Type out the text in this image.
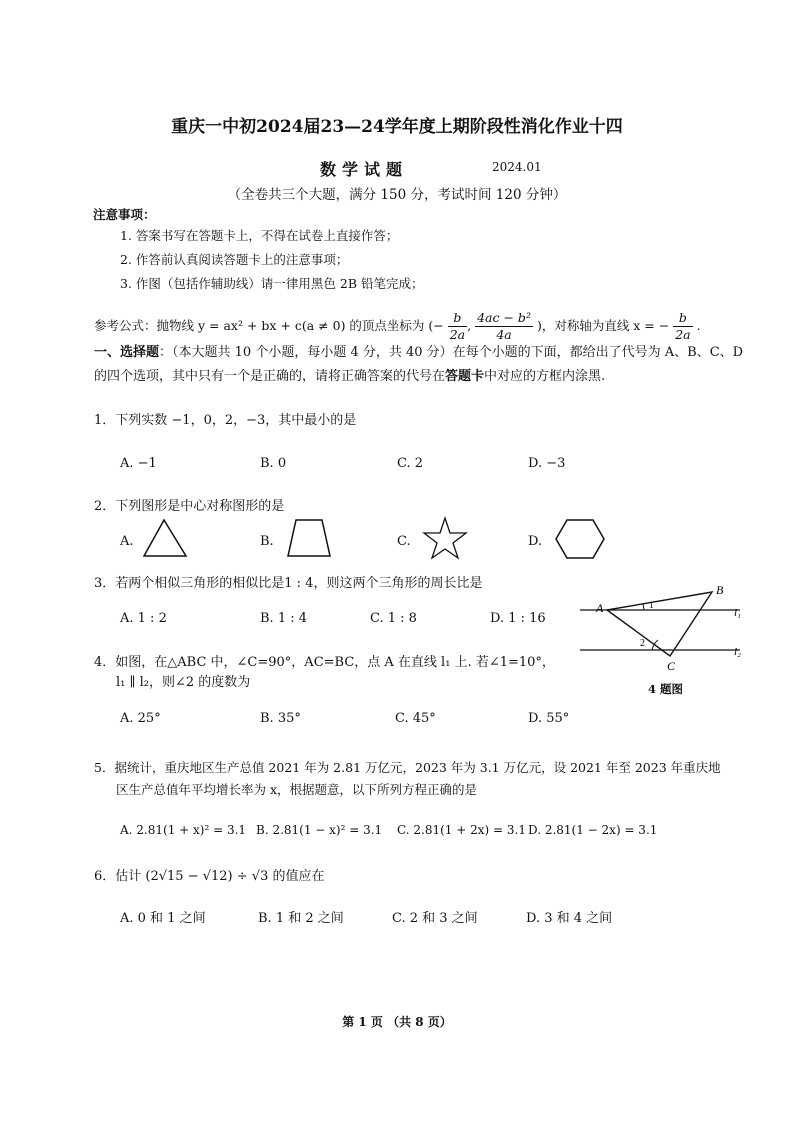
重庆一中初2024届23—24学年度上期阶段性消化作业十四
数学试题	2024.01
（全卷共三个大题，满分 150 分，考试时间 120 分钟）
注意事项：
1. 答案书写在答题卡上，不得在试卷上直接作答；
2. 作答前认真阅读答题卡上的注意事项；
3. 作图（包括作辅助线）请一律用黑色 2B 铅笔完成；
参考公式：抛物线 y = ax² + bx + c(a ≠ 0) 的顶点坐标为 (− $\frac{b}{2a}$ , $\frac{\text{4ac − b²}}{4a}$ )，对称轴为直线 x = − $\frac{b}{2a}$ .
一、选择题：（本大题共 10 个小题，每小题 4 分，共 40 分）在每个小题的下面，都给出了代号为 A、B、C、D 的四个选项，其中只有一个是正确的，请将正确答案的代号在答题卡中对应的方框内涂黑.
1．下列实数 −1，0，2，−3，其中最小的是
A. −1	B. 0	C. 2	D. −3
2．下列图形是中心对称图形的是
A.	B.	C.	D.
3．若两个相似三角形的相似比是1 : 4，则这两个三角形的周长比是
A. 1 : 2	B. 1 : 4	C. 1 : 8	D. 1 : 16
A
B
C
1
2
l₁
l₂
4 题图
4．如图，在△ABC 中，∠C=90°，AC=BC，点 A 在直线 l₁ 上. 若∠1=10°，
l₁ ∥ l₂，则∠2 的度数为
A. 25°	B. 35°	C. 45°	D. 55°
5．据统计，重庆地区生产总值 2021 年为 2.81 万亿元，2023 年为 3.1 万亿元，设 2021 年至 2023 年重庆地
区生产总值年平均增长率为 x，根据题意，以下所列方程正确的是
A. 2.81(1 + x)² = 3.1 B. 2.81(1 − x)² = 3.1 C. 2.81(1 + 2x) = 3.1 D. 2.81(1 − 2x) = 3.1
6．估计 (2√15 − √12) ÷ √3 的值应在
A. 0 和 1 之间	B. 1 和 2 之间	C. 2 和 3 之间	D. 3 和 4 之间
第 1 页 （共 8 页）
